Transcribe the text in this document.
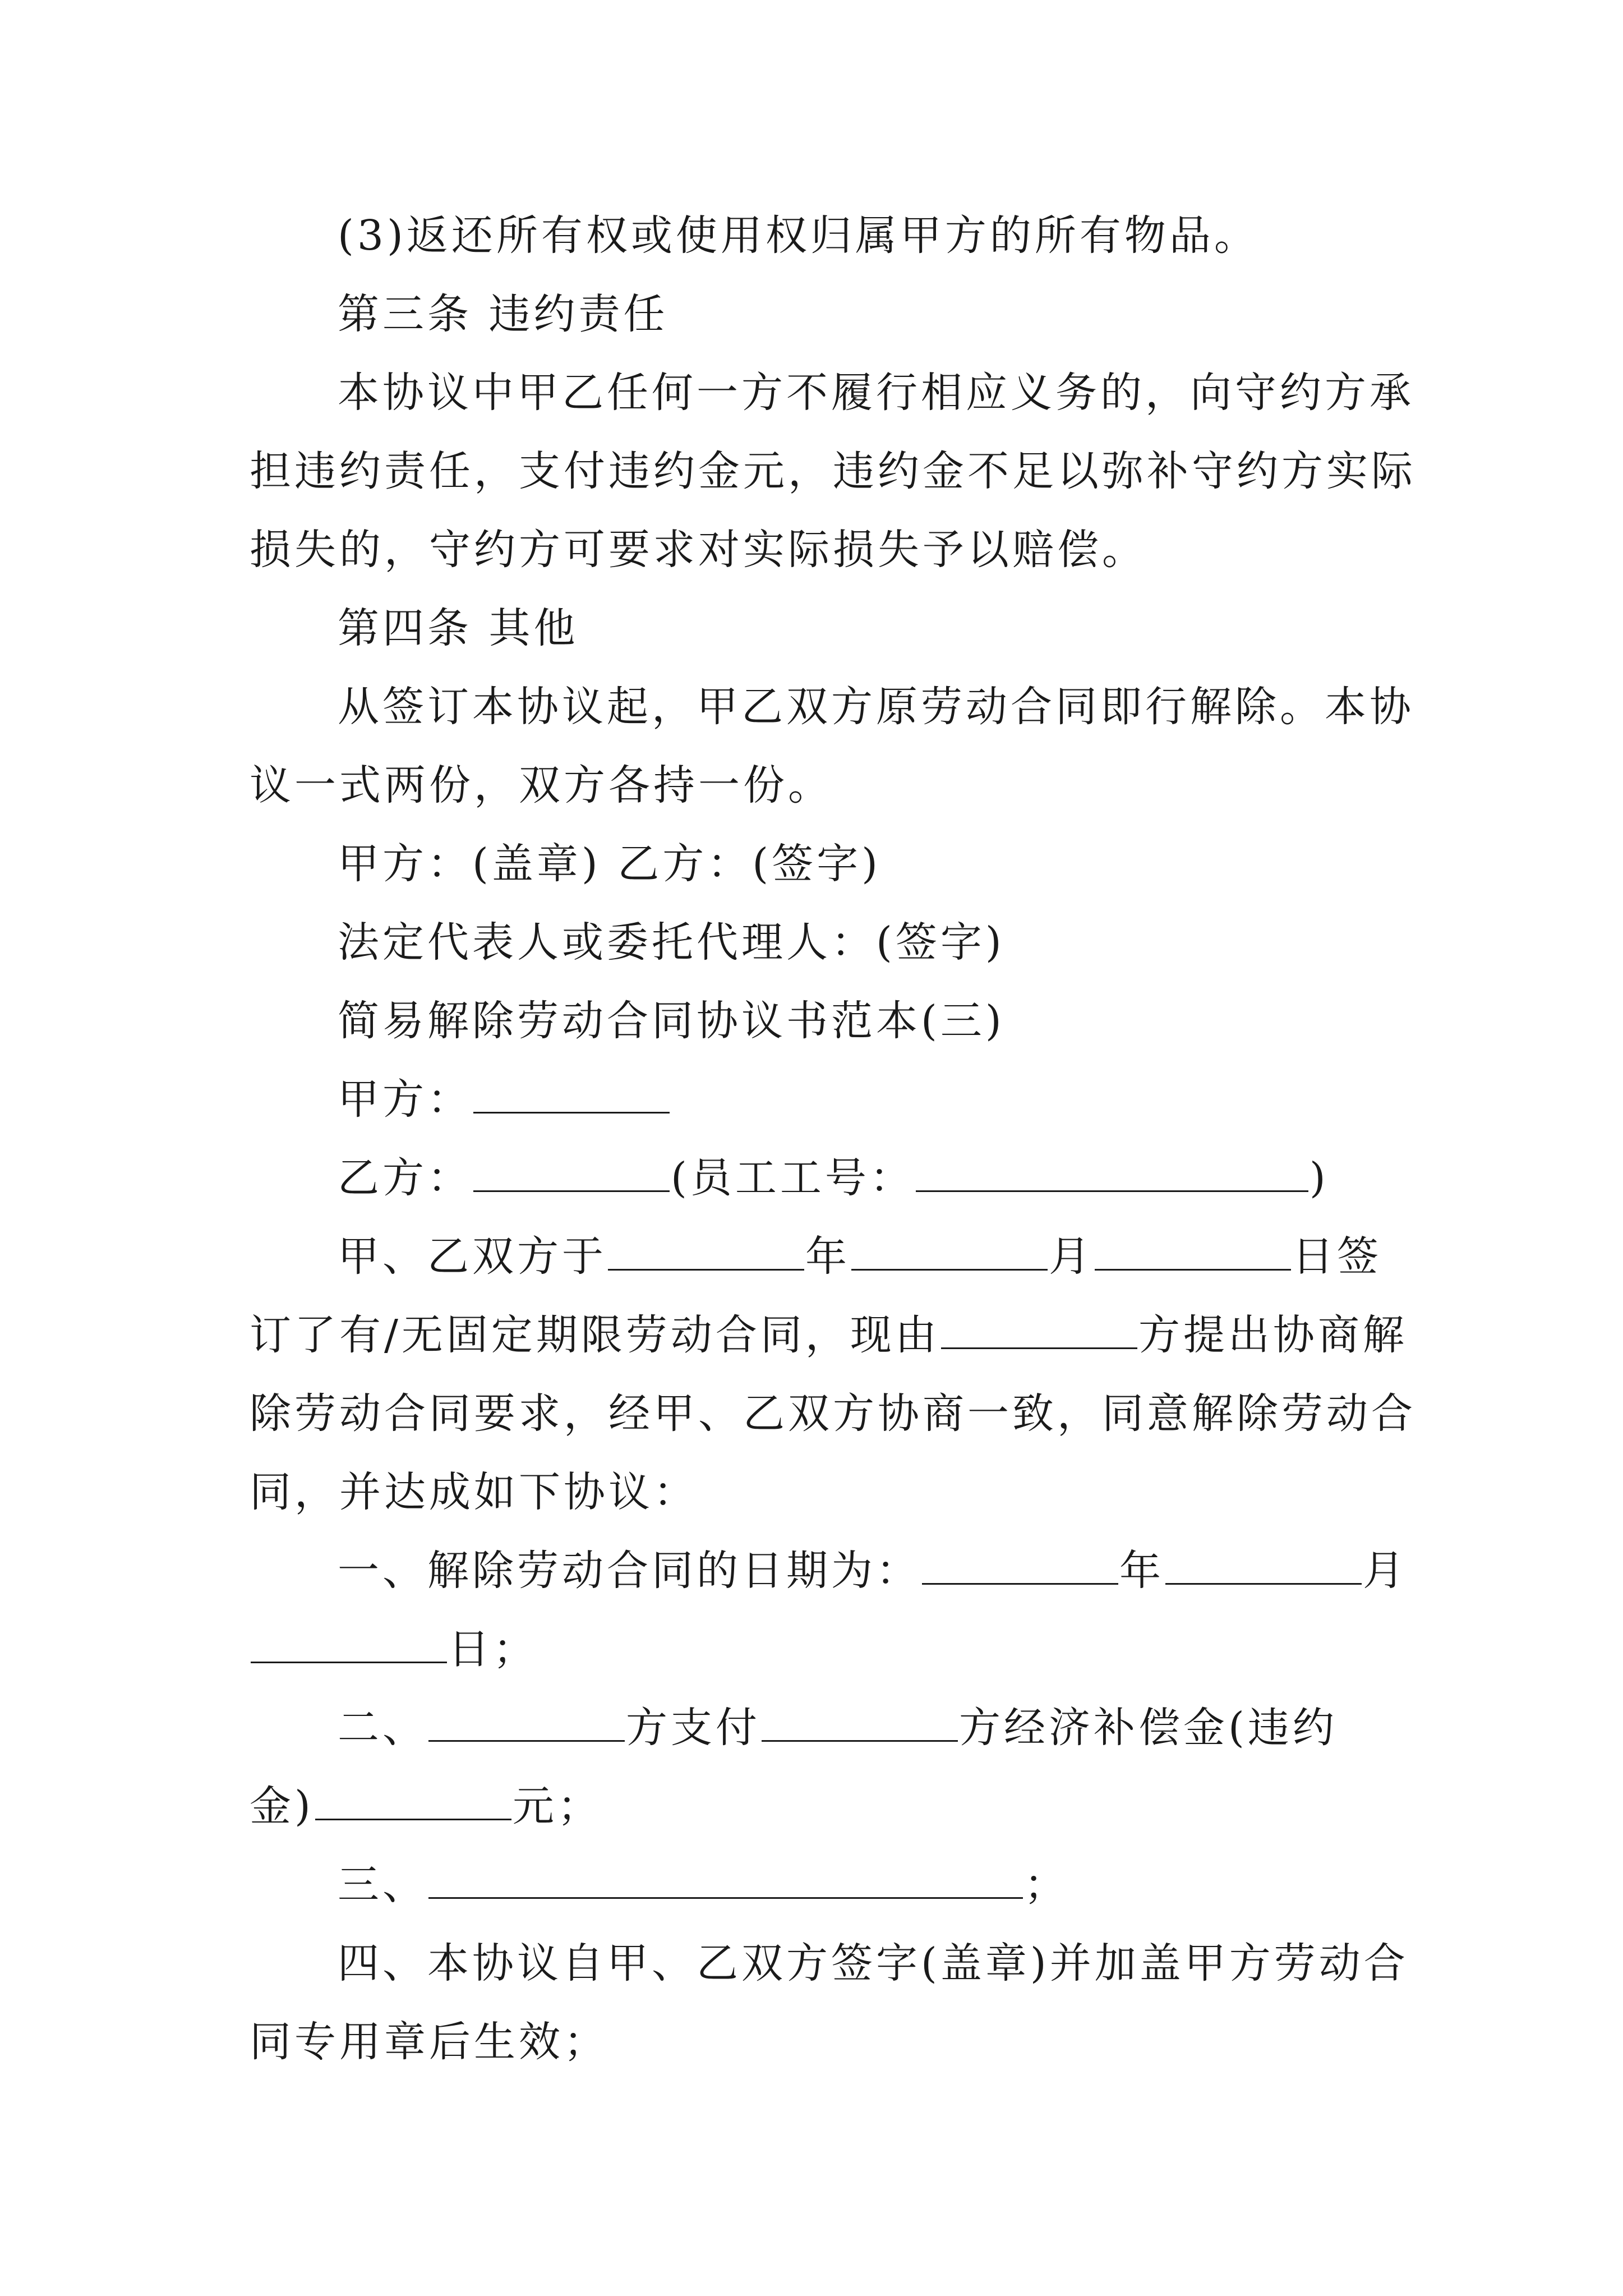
(3)返还所有权或使用权归属甲方的所有物品。
第三条 违约责任
本协议中甲乙任何一方不履行相应义务的，向守约方承
担违约责任，支付违约金元，违约金不足以弥补守约方实际
损失的，守约方可要求对实际损失予以赔偿。
第四条 其他
从签订本协议起，甲乙双方原劳动合同即行解除。本协
议一式两份，双方各持一份。
甲方：(盖章) 乙方：(签字)
法定代表人或委托代理人：(签字)
简易解除劳动合同协议书范本(三)
甲方：
乙方：	(员工工号：	)
甲、乙双方于	年	月	日签
订了有/无固定期限劳动合同，现由	方提出协商解
除劳动合同要求，经甲、乙双方协商一致，同意解除劳动合
同，并达成如下协议：
一、解除劳动合同的日期为：	年	月
日；
二、	方支付	方经济补偿金(违约
金)	元；
三、	；
四、本协议自甲、乙双方签字(盖章)并加盖甲方劳动合
同专用章后生效；
